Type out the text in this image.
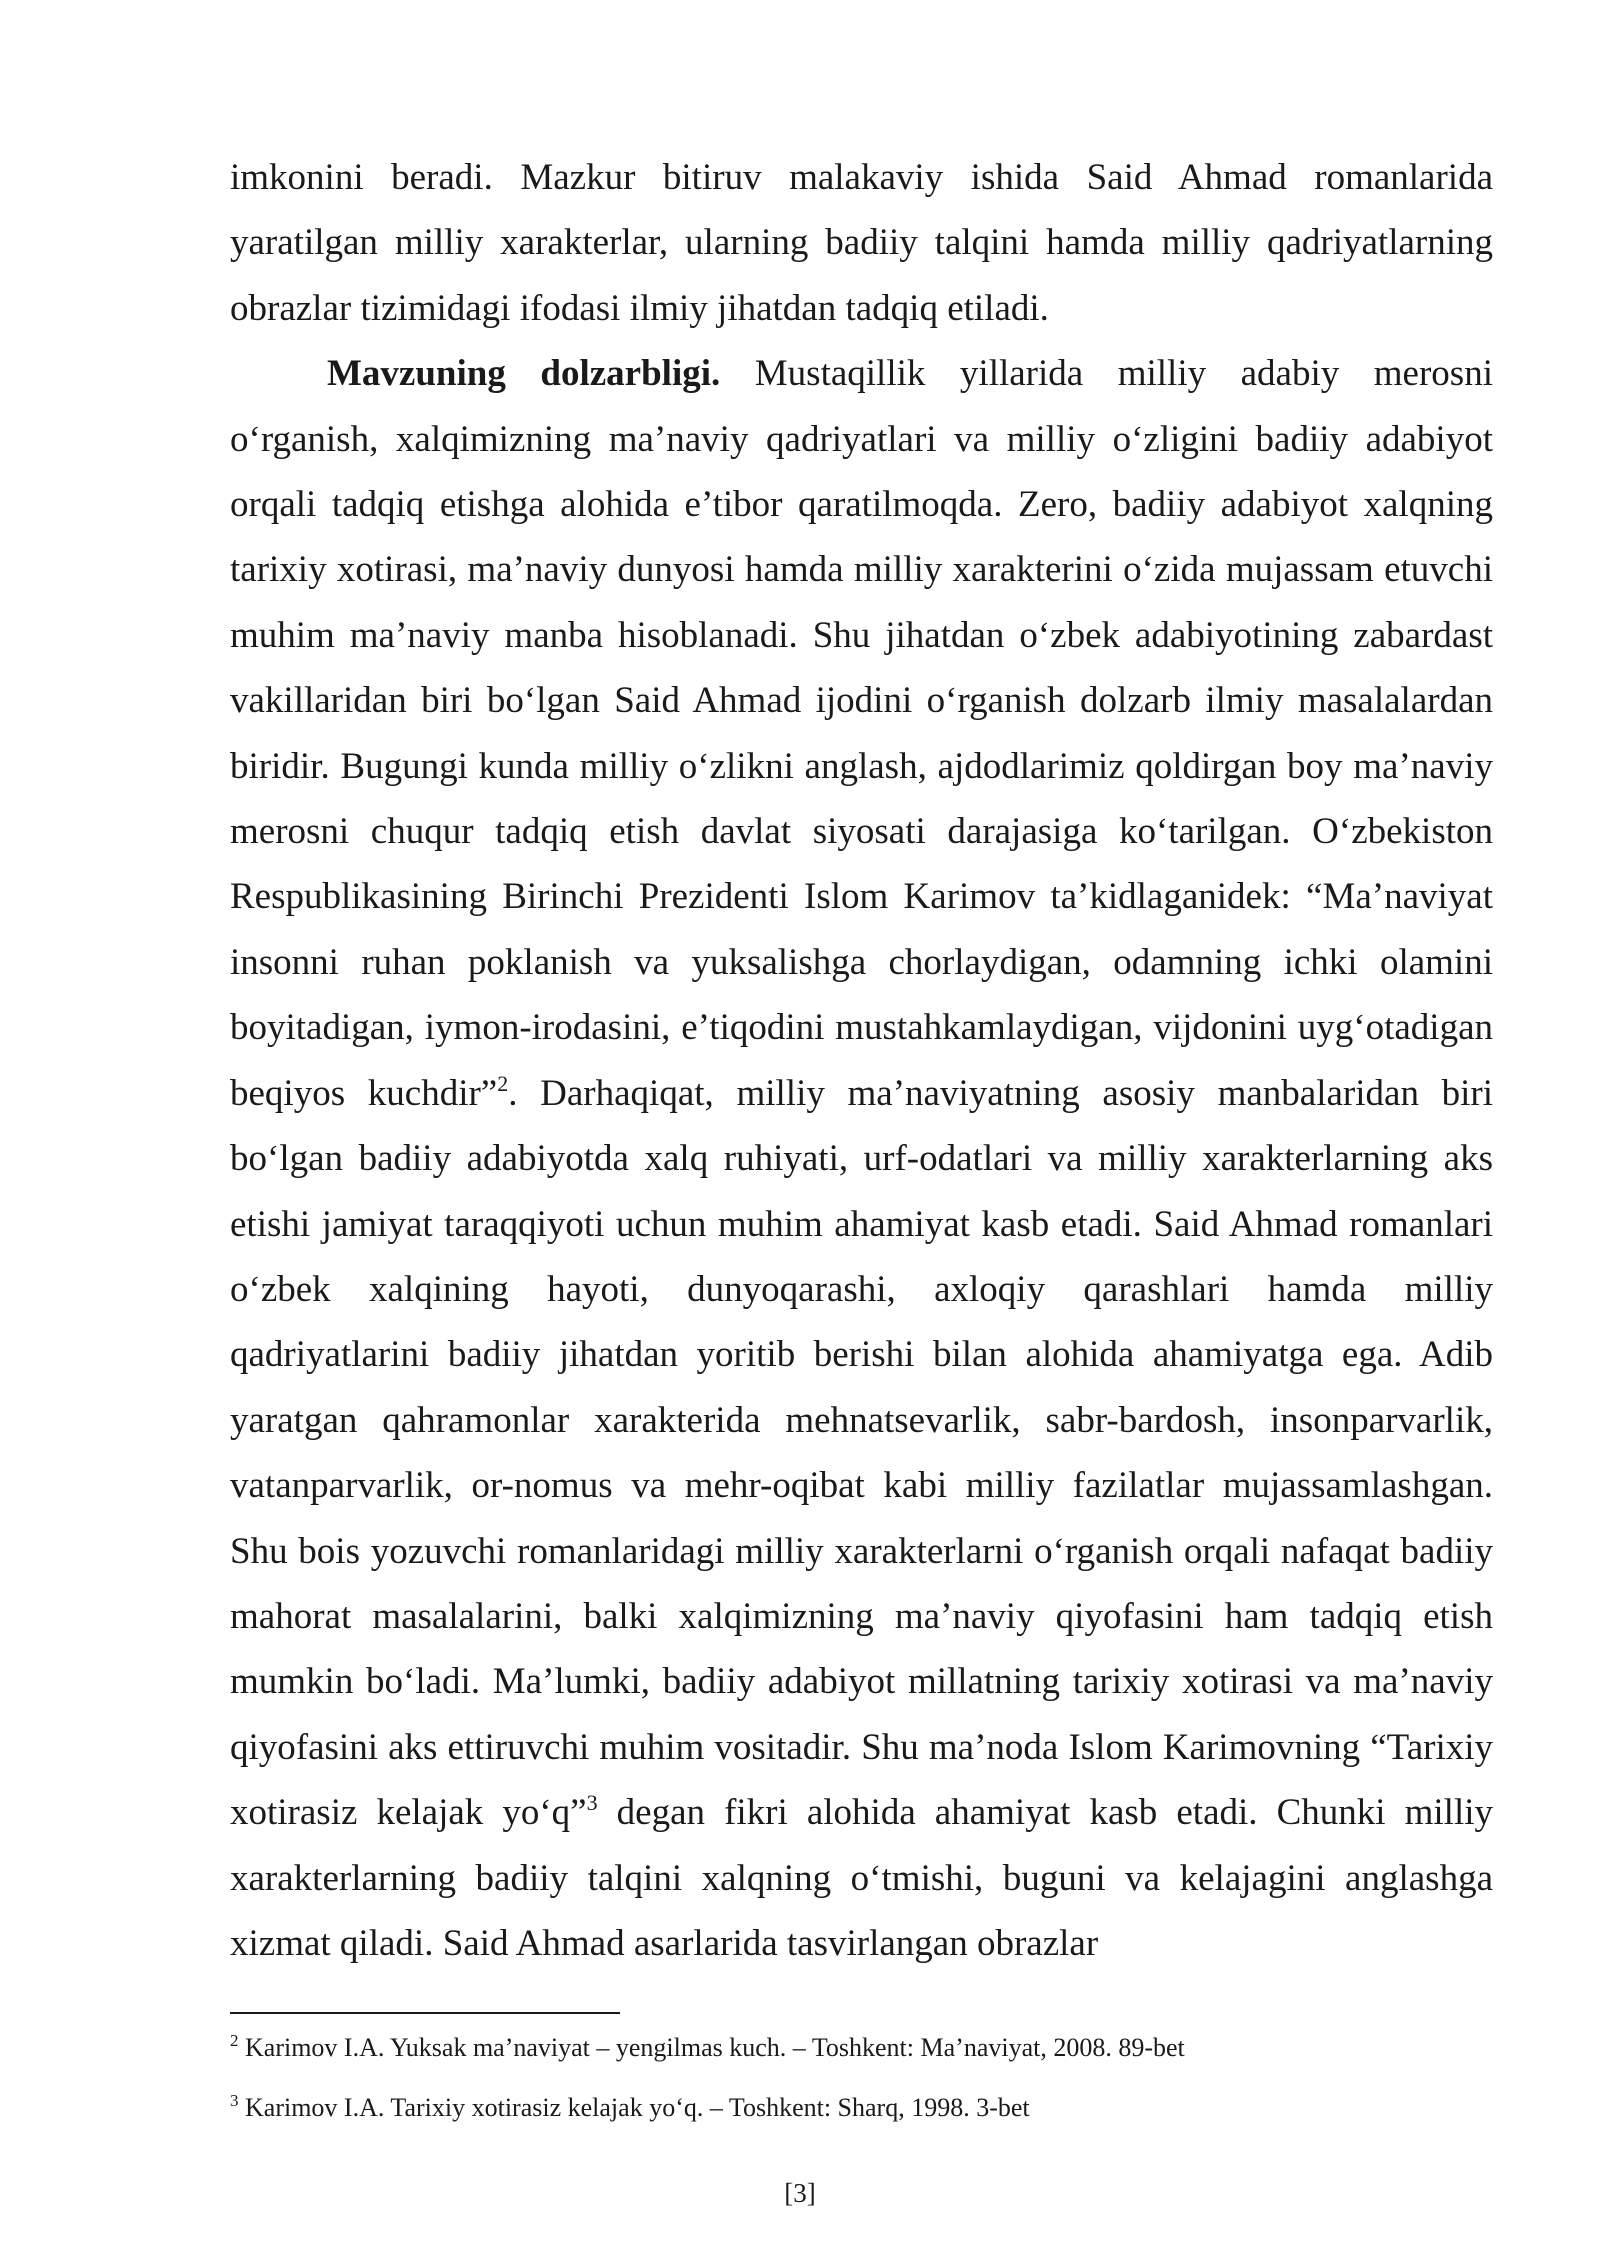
imkonini beradi. Mazkur bitiruv malakaviy ishida Said Ahmad romanlarida yaratilgan milliy xarakterlar, ularning badiiy talqini hamda milliy qadriyatlarning obrazlar tizimidagi ifodasi ilmiy jihatdan tadqiq etiladi.

Mavzuning dolzarbligi. Mustaqillik yillarida milliy adabiy merosni o‘rganish, xalqimizning ma’naviy qadriyatlari va milliy o‘zligini badiiy adabiyot orqali tadqiq etishga alohida e’tibor qaratilmoqda. Zero, badiiy adabiyot xalqning tarixiy xotirasi, ma’naviy dunyosi hamda milliy xarakterini o‘zida mujassam etuvchi muhim ma’naviy manba hisoblanadi. Shu jihatdan o‘zbek adabiyotining zabardast vakillaridan biri bo‘lgan Said Ahmad ijodini o‘rganish dolzarb ilmiy masalalardan biridir. Bugungi kunda milliy o‘zlikni anglash, ajdodlarimiz qoldirgan boy ma’naviy merosni chuqur tadqiq etish davlat siyosati darajasiga ko‘tarilgan. O‘zbekiston Respublikasining Birinchi Prezidenti Islom Karimov ta’kidlaganidek: “Ma’naviyat insonni ruhan poklanish va yuksalishga chorlaydigan, odamning ichki olamini boyitadigan, iymon-irodasini, e’tiqodini mustahkamlaydigan, vijdonini uyg‘otadigan beqiyos kuchdir”$^2$. Darhaqiqat, milliy ma’naviyatning asosiy manbalaridan biri bo‘lgan badiiy adabiyotda xalq ruhiyati, urf-odatlari va milliy xarakterlarning aks etishi jamiyat taraqqiyoti uchun muhim ahamiyat kasb etadi. Said Ahmad romanlari o‘zbek xalqining hayoti, dunyoqarashi, axloqiy qarashlari hamda milliy qadriyatlarini badiiy jihatdan yoritib berishi bilan alohida ahamiyatga ega. Adib yaratgan qahramonlar xarakterida mehnatsevarlik, sabr-bardosh, insonparvarlik, vatanparvarlik, or-nomus va mehr-oqibat kabi milliy fazilatlar mujassamlashgan. Shu bois yozuvchi romanlaridagi milliy xarakterlarni o‘rganish orqali nafaqat badiiy mahorat masalalarini, balki xalqimizning ma’naviy qiyofasini ham tadqiq etish mumkin bo‘ladi. Ma’lumki, badiiy adabiyot millatning tarixiy xotirasi va ma’naviy qiyofasini aks ettiruvchi muhim vositadir. Shu ma’noda Islom Karimovning “Tarixiy xotirasiz kelajak yo‘q”$^3$ degan fikri alohida ahamiyat kasb etadi. Chunki milliy xarakterlarning badiiy talqini xalqning o‘tmishi, buguni va kelajagini anglashga xizmat qiladi. Said Ahmad asarlarida tasvirlangan obrazlar

$^2$ Karimov I.A. Yuksak ma’naviyat – yengilmas kuch. – Toshkent: Ma’naviyat, 2008. 89-bet
$^3$ Karimov I.A. Tarixiy xotirasiz kelajak yo‘q. – Toshkent: Sharq, 1998. 3-bet
[3]
